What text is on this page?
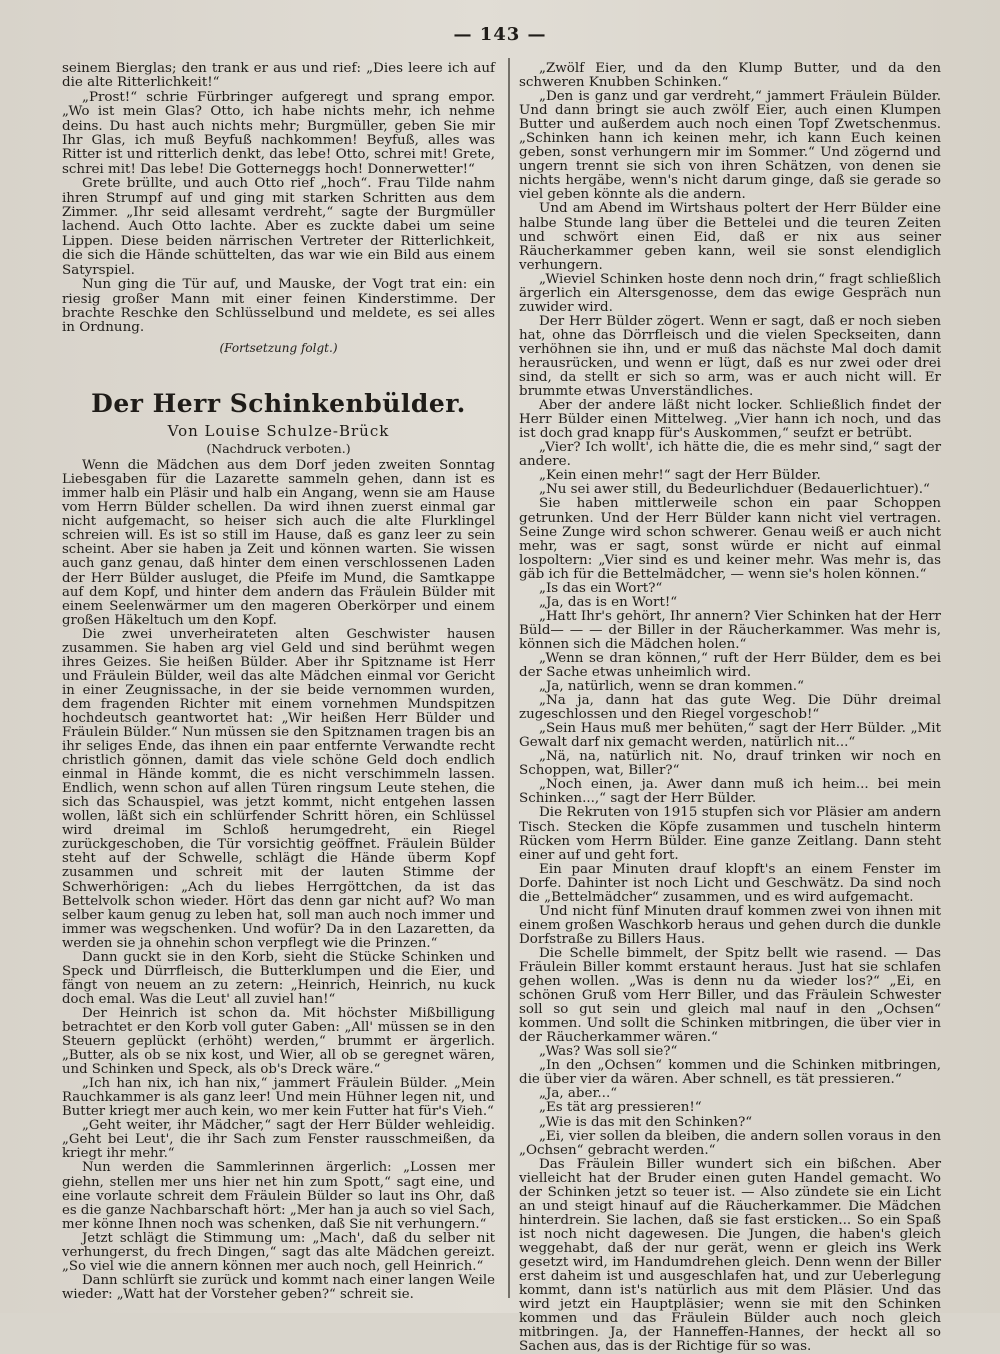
— 143 —

seinem Bierglas; den trank er aus und rief: „Dies leere ich auf die alte Ritterlichkeit!“

„Prost!“ schrie Fürbringer aufgeregt und sprang empor. „Wo ist mein Glas? Otto, ich habe nichts mehr, ich nehme deins. Du hast auch nichts mehr; Burgmüller, geben Sie mir Ihr Glas, ich muß Beyfuß nachkommen! Beyfuß, alles was Ritter ist und ritterlich denkt, das lebe! Otto, schrei mit! Grete, schrei mit! Das lebe! Die Gotterneggs hoch! Donnerwetter!“

Grete brüllte, und auch Otto rief „hoch“. Frau Tilde nahm ihren Strumpf auf und ging mit starken Schritten aus dem Zimmer. „Ihr seid allesamt verdreht,“ sagte der Burgmüller lachend. Auch Otto lachte. Aber es zuckte dabei um seine Lippen. Diese beiden närrischen Vertreter der Ritterlichkeit, die sich die Hände schüttelten, das war wie ein Bild aus einem Satyrspiel.

Nun ging die Tür auf, und Mauske, der Vogt trat ein: ein riesig großer Mann mit einer feinen Kinderstimme. Der brachte Reschke den Schlüsselbund und meldete, es sei alles in Ordnung.

(Fortsetzung folgt.)

Der Herr Schinkenbülder.
Von Louise Schulze-Brück
(Nachdruck verboten.)

Wenn die Mädchen aus dem Dorf jeden zweiten Sonntag Liebesgaben für die Lazarette sammeln gehen, dann ist es immer halb ein Pläsir und halb ein Angang, wenn sie am Hause vom Herrn Bülder schellen. Da wird ihnen zuerst einmal gar nicht aufgemacht, so heiser sich auch die alte Flurklingel schreien will. Es ist so still im Hause, daß es ganz leer zu sein scheint. Aber sie haben ja Zeit und können warten. Sie wissen auch ganz genau, daß hinter dem einen verschlossenen Laden der Herr Bülder ausluget, die Pfeife im Mund, die Samtkappe auf dem Kopf, und hinter dem andern das Fräulein Bülder mit einem Seelenwärmer um den mageren Oberkörper und einem großen Häkeltuch um den Kopf.

Die zwei unverheirateten alten Geschwister hausen zusammen. Sie haben arg viel Geld und sind berühmt wegen ihres Geizes. Sie heißen Bülder. Aber ihr Spitzname ist Herr und Fräulein Bülder, weil das alte Mädchen einmal vor Gericht in einer Zeugnissache, in der sie beide vernommen wurden, dem fragenden Richter mit einem vornehmen Mundspitzen hochdeutsch geantwortet hat: „Wir heißen Herr Bülder und Fräulein Bülder.“ Nun müssen sie den Spitznamen tragen bis an ihr seliges Ende, das ihnen ein paar entfernte Verwandte recht christlich gönnen, damit das viele schöne Geld doch endlich einmal in Hände kommt, die es nicht verschimmeln lassen. Endlich, wenn schon auf allen Türen ringsum Leute stehen, die sich das Schauspiel, was jetzt kommt, nicht entgehen lassen wollen, läßt sich ein schlürfender Schritt hören, ein Schlüssel wird dreimal im Schloß herumgedreht, ein Riegel zurückgeschoben, die Tür vorsichtig geöffnet. Fräulein Bülder steht auf der Schwelle, schlägt die Hände überm Kopf zusammen und schreit mit der lauten Stimme der Schwerhörigen: „Ach du liebes Herrgöttchen, da ist das Bettelvolk schon wieder. Hört das denn gar nicht auf? Wo man selber kaum genug zu leben hat, soll man auch noch immer und immer was wegschenken. Und wofür? Da in den Lazaretten, da werden sie ja ohnehin schon verpflegt wie die Prinzen.“

Dann guckt sie in den Korb, sieht die Stücke Schinken und Speck und Dürrfleisch, die Butterklumpen und die Eier, und fängt von neuem an zu zetern: „Heinrich, Heinrich, nu kuck doch emal. Was die Leut' all zuviel han!“

Der Heinrich ist schon da. Mit höchster Mißbilligung betrachtet er den Korb voll guter Gaben: „All' müssen se in den Steuern geplückt (erhöht) werden,“ brummt er ärgerlich. „Butter, als ob se nix kost, und Wier, all ob se geregnet wären, und Schinken und Speck, als ob's Dreck wäre.“

„Ich han nix, ich han nix,“ jammert Fräulein Bülder. „Mein Rauchkammer is als ganz leer! Und mein Hühner legen nit, und Butter kriegt mer auch kein, wo mer kein Futter hat für's Vieh.“

„Geht weiter, ihr Mädcher,“ sagt der Herr Bülder wehleidig. „Geht bei Leut', die ihr Sach zum Fenster rausschmeißen, da kriegt ihr mehr.“

Nun werden die Sammlerinnen ärgerlich: „Lossen mer giehn, stellen mer uns hier net hin zum Spott,“ sagt eine, und eine vorlaute schreit dem Fräulein Bülder so laut ins Ohr, daß es die ganze Nachbarschaft hört: „Mer han ja auch so viel Sach, mer könne Ihnen noch was schenken, daß Sie nit verhungern.“

Jetzt schlägt die Stimmung um: „Mach', daß du selber nit verhungerst, du frech Dingen,“ sagt das alte Mädchen gereizt. „So viel wie die annern können mer auch noch, gell Heinrich.“

Dann schlürft sie zurück und kommt nach einer langen Weile wieder: „Watt hat der Vorsteher geben?“ schreit sie.

„Zwölf Eier, und da den Klump Butter, und da den schweren Knubben Schinken.“

„Den is ganz und gar verdreht,“ jammert Fräulein Bülder. Und dann bringt sie auch zwölf Eier, auch einen Klumpen Butter und außerdem auch noch einen Topf Zwetschenmus. „Schinken hann ich keinen mehr, ich kann Euch keinen geben, sonst verhungern mir im Sommer.“ Und zögernd und ungern trennt sie sich von ihren Schätzen, von denen sie nichts hergäbe, wenn's nicht darum ginge, daß sie gerade so viel geben könnte als die andern.

Und am Abend im Wirtshaus poltert der Herr Bülder eine halbe Stunde lang über die Bettelei und die teuren Zeiten und schwört einen Eid, daß er nix aus seiner Räucherkammer geben kann, weil sie sonst elendiglich verhungern.

„Wieviel Schinken hoste denn noch drin,“ fragt schließlich ärgerlich ein Altersgenosse, dem das ewige Gespräch nun zuwider wird.

Der Herr Bülder zögert. Wenn er sagt, daß er noch sieben hat, ohne das Dörrfleisch und die vielen Speckseiten, dann verhöhnen sie ihn, und er muß das nächste Mal doch damit herausrücken, und wenn er lügt, daß es nur zwei oder drei sind, da stellt er sich so arm, was er auch nicht will. Er brummte etwas Unverständliches.

Aber der andere läßt nicht locker. Schließlich findet der Herr Bülder einen Mittelweg. „Vier hann ich noch, und das ist doch grad knapp für's Auskommen,“ seufzt er betrübt.

„Vier? Ich wollt', ich hätte die, die es mehr sind,“ sagt der andere.

„Kein einen mehr!“ sagt der Herr Bülder.

„Nu sei awer still, du Bedeurlichduer (Bedauerlichtuer).“

Sie haben mittlerweile schon ein paar Schoppen getrunken. Und der Herr Bülder kann nicht viel vertragen. Seine Zunge wird schon schwerer. Genau weiß er auch nicht mehr, was er sagt, sonst würde er nicht auf einmal lospoltern: „Vier sind es und keiner mehr. Was mehr is, das gäb ich für die Bettelmädcher, — wenn sie's holen können.“

„Is das ein Wort?“

„Ja, das is en Wort!“

„Hatt Ihr's gehört, Ihr annern? Vier Schinken hat der Herr Büld— — — der Biller in der Räucherkammer. Was mehr is, können sich die Mädchen holen.“

„Wenn se dran können,“ ruft der Herr Bülder, dem es bei der Sache etwas unheimlich wird.

„Ja, natürlich, wenn se dran kommen.“

„Na ja, dann hat das gute Weg. Die Dühr dreimal zugeschlossen und den Riegel vorgeschob!“

„Sein Haus muß mer behüten,“ sagt der Herr Bülder. „Mit Gewalt darf nix gemacht werden, natürlich nit...“

„Nä, na, natürlich nit. No, drauf trinken wir noch en Schoppen, wat, Biller?“

„Noch einen, ja. Awer dann muß ich heim... bei mein Schinken...,“ sagt der Herr Bülder.

Die Rekruten von 1915 stupfen sich vor Pläsier am andern Tisch. Stecken die Köpfe zusammen und tuscheln hinterm Rücken vom Herrn Bülder. Eine ganze Zeitlang. Dann steht einer auf und geht fort.

Ein paar Minuten drauf klopft's an einem Fenster im Dorfe. Dahinter ist noch Licht und Geschwätz. Da sind noch die „Bettelmädcher“ zusammen, und es wird aufgemacht.

Und nicht fünf Minuten drauf kommen zwei von ihnen mit einem großen Waschkorb heraus und gehen durch die dunkle Dorfstraße zu Billers Haus.

Die Schelle bimmelt, der Spitz bellt wie rasend. — Das Fräulein Biller kommt erstaunt heraus. Just hat sie schlafen gehen wollen. „Was is denn nu da wieder los?“ „Ei, en schönen Gruß vom Herr Biller, und das Fräulein Schwester soll so gut sein und gleich mal nauf in den „Ochsen“ kommen. Und sollt die Schinken mitbringen, die über vier in der Räucherkammer wären.“

„Was? Was soll sie?“

„In den „Ochsen“ kommen und die Schinken mitbringen, die über vier da wären. Aber schnell, es tät pressieren.“

„Ja, aber...“

„Es tät arg pressieren!“

„Wie is das mit den Schinken?“

„Ei, vier sollen da bleiben, die andern sollen voraus in den „Ochsen“ gebracht werden.“

Das Fräulein Biller wundert sich ein bißchen. Aber vielleicht hat der Bruder einen guten Handel gemacht. Wo der Schinken jetzt so teuer ist. — Also zündete sie ein Licht an und steigt hinauf auf die Räucherkammer. Die Mädchen hinterdrein. Sie lachen, daß sie fast ersticken... So ein Spaß ist noch nicht dagewesen. Die Jungen, die haben's gleich weggehabt, daß der nur gerät, wenn er gleich ins Werk gesetzt wird, im Handumdrehen gleich. Denn wenn der Biller erst daheim ist und ausgeschlafen hat, und zur Ueberlegung kommt, dann ist's natürlich aus mit dem Pläsier. Und das wird jetzt ein Hauptpläsier; wenn sie mit den Schinken kommen und das Fräulein Bülder auch noch gleich mitbringen. Ja, der Hanneffen-Hannes, der heckt all so Sachen aus, das is der Richtige für so was.
